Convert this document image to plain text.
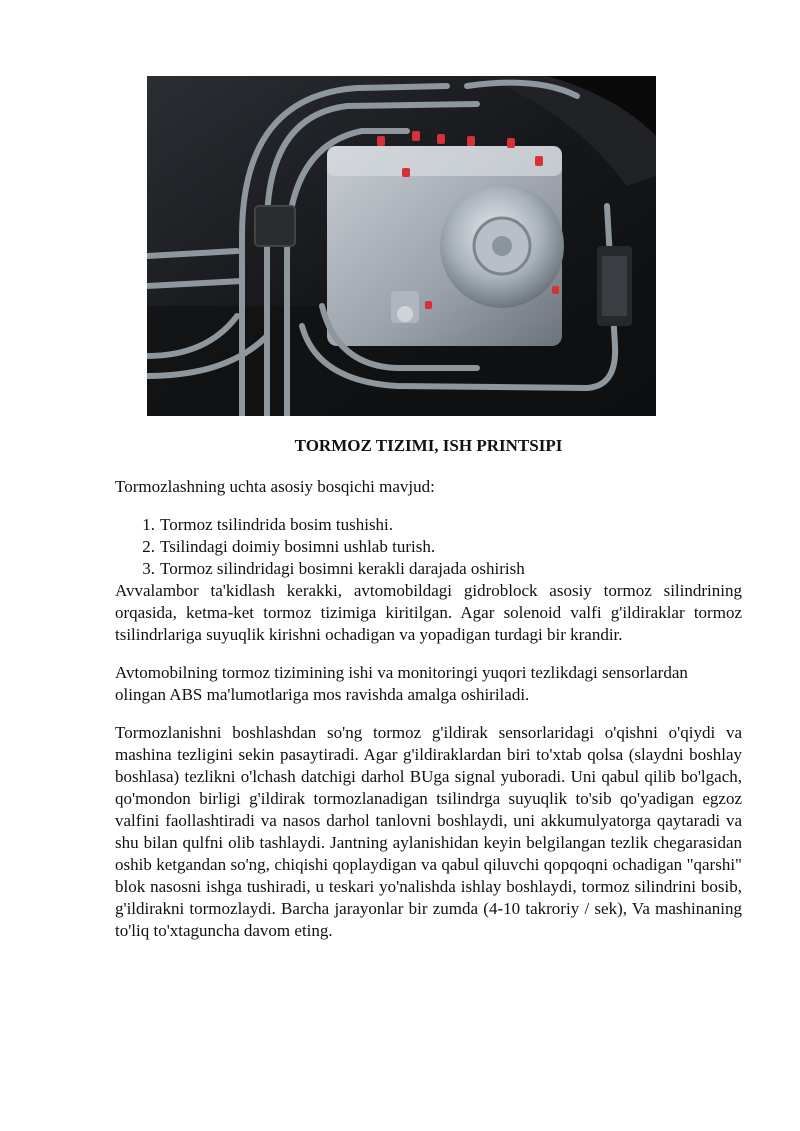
TORMOZ TIZIMI, ISH PRINTSIPI

Tormozlashning uchta asosiy bosqichi mavjud:

1. Tormoz tsilindrida bosim tushishi.
2. Tsilindagi doimiy bosimni ushlab turish.
3. Tormoz silindridagi bosimni kerakli darajada oshirish

Avvalambor ta'kidlash kerakki, avtomobildagi gidroblock asosiy tormoz silindrining orqasida, ketma-ket tormoz tizimiga kiritilgan. Agar solenoid valfi g'ildiraklar tormoz tsilindrlariga suyuqlik kirishni ochadigan va yopadigan turdagi bir krandir.

Avtomobilning tormoz tizimining ishi va monitoringi yuqori tezlikdagi sensorlardan olingan ABS ma'lumotlariga mos ravishda amalga oshiriladi.

Tormozlanishni boshlashdan so'ng tormoz g'ildirak sensorlaridagi o'qishni o'qiydi va mashina tezligini sekin pasaytiradi. Agar g'ildiraklardan biri to'xtab qolsa (slaydni boshlay boshlasa) tezlikni o'lchash datchigi darhol BUga signal yuboradi. Uni qabul qilib bo'lgach, qo'mondon birligi g'ildirak tormozlanadigan tsilindrga suyuqlik to'sib qo'yadigan egzoz valfini faollashtiradi va nasos darhol tanlovni boshlaydi, uni akkumulyatorga qaytaradi va shu bilan qulfni olib tashlaydi. Jantning aylanishidan keyin belgilangan tezlik chegarasidan oshib ketgandan so'ng, chiqishi qoplaydigan va qabul qiluvchi qopqoqni ochadigan "qarshi" blok nasosni ishga tushiradi, u teskari yo'nalishda ishlay boshlaydi, tormoz silindrini bosib, g'ildirakni tormozlaydi. Barcha jarayonlar bir zumda (4-10 takroriy / sek), Va mashinaning to'liq to'xtaguncha davom eting.
